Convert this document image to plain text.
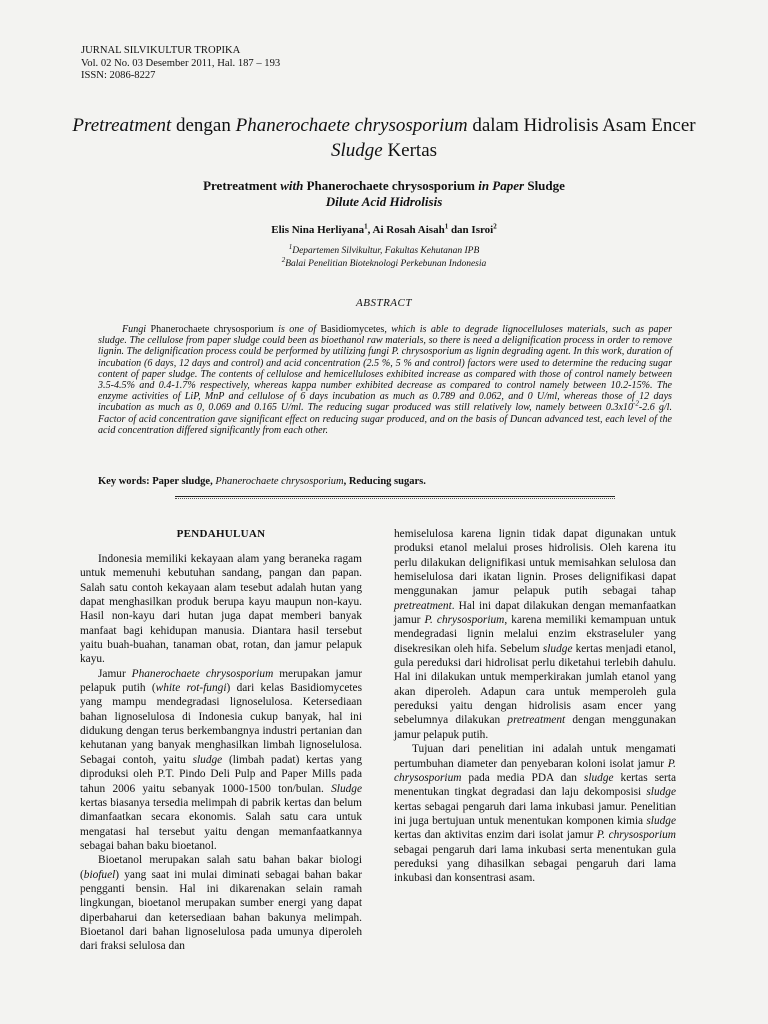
JURNAL SILVIKULTUR TROPIKA
Vol. 02 No. 03 Desember 2011, Hal. 187 – 193
ISSN: 2086-8227
Pretreatment dengan Phanerochaete chrysosporium dalam Hidrolisis Asam Encer Sludge Kertas
Pretreatment with Phanerochaete chrysosporium in Paper Sludge
Dilute Acid Hidrolisis
Elis Nina Herliyana$^1$, Ai Rosah Aisah$^1$ dan Isroi$^2$
$^1$Departemen Silvikultur, Fakultas Kehutanan IPB
$^2$Balai Penelitian Bioteknologi Perkebunan Indonesia
ABSTRACT
Fungi Phanerochaete chrysosporium is one of Basidiomycetes, which is able to degrade lignocelluloses materials, such as paper sludge. The cellulose from paper sludge could been as bioethanol raw materials, so there is need a delignification process in order to remove lignin. The delignification process could be performed by utilizing fungi P. chrysosporium as lignin degrading agent. In this work, duration of incubation (6 days, 12 days and control) and acid concentration (2.5 %, 5 % and control) factors were used to determine the reducing sugar content of paper sludge. The contents of cellulose and hemicelluloses exhibited increase as compared with those of control namely between 3.5-4.5% and 0.4-1.7% respectively, whereas kappa number exhibited decrease as compared to control namely between 10.2-15%. The enzyme activities of LiP, MnP and cellulose of 6 days incubation as much as 0.789 and 0.062, and 0 U/ml, whereas those of 12 days incubation as much as 0, 0.069 and 0.165 U/ml. The reducing sugar produced was still relatively low, namely between $0.3x10^{-2}-2.6$ g/l. Factor of acid concentration gave significant effect on reducing sugar produced, and on the basis of Duncan advanced test, each level of the acid concentration differed significantly from each other.
Key words: Paper sludge, Phanerochaete chrysosporium, Reducing sugars.
PENDAHULUAN

Indonesia memiliki kekayaan alam yang beraneka ragam untuk memenuhi kebutuhan sandang, pangan dan papan. Salah satu contoh kekayaan alam tesebut adalah hutan yang dapat menghasilkan produk berupa kayu maupun non-kayu. Hasil non-kayu dari hutan juga dapat memberi banyak manfaat bagi kehidupan manusia. Diantara hasil tersebut yaitu buah-buahan, tanaman obat, rotan, dan jamur pelapuk kayu.

Jamur Phanerochaete chrysosporium merupakan jamur pelapuk putih (white rot-fungi) dari kelas Basidiomycetes yang mampu mendegradasi lignoselulosa. Ketersediaan bahan lignoselulosa di Indonesia cukup banyak, hal ini didukung dengan terus berkembangnya industri pertanian dan kehutanan yang banyak menghasilkan limbah lignoselulosa. Sebagai contoh, yaitu sludge (limbah padat) kertas yang diproduksi oleh P.T. Pindo Deli Pulp and Paper Mills pada tahun 2006 yaitu sebanyak 1000-1500 ton/bulan. Sludge kertas biasanya tersedia melimpah di pabrik kertas dan belum dimanfaatkan secara ekonomis. Salah satu cara untuk mengatasi hal tersebut yaitu dengan memanfaatkannya sebagai bahan baku bioetanol.

Bioetanol merupakan salah satu bahan bakar biologi (biofuel) yang saat ini mulai diminati sebagai bahan bakar pengganti bensin. Hal ini dikarenakan selain ramah lingkungan, bioetanol merupakan sumber energi yang dapat diperbaharui dan ketersediaan bahan bakunya melimpah. Bioetanol dari bahan lignoselulosa pada umunya diperoleh dari fraksi selulosa dan

hemiselulosa karena lignin tidak dapat digunakan untuk produksi etanol melalui proses hidrolisis. Oleh karena itu perlu dilakukan delignifikasi untuk memisahkan selulosa dan hemiselulosa dari ikatan lignin. Proses delignifikasi dapat menggunakan jamur pelapuk putih sebagai tahap pretreatment. Hal ini dapat dilakukan dengan memanfaatkan jamur P. chrysosporium, karena memiliki kemampuan untuk mendegradasi lignin melalui enzim ekstraseluler yang disekresikan oleh hifa. Sebelum sludge kertas menjadi etanol, gula pereduksi dari hidrolisat perlu diketahui terlebih dahulu. Hal ini dilakukan untuk memperkirakan jumlah etanol yang akan diperoleh. Adapun cara untuk memperoleh gula pereduksi yaitu dengan hidrolisis asam encer yang sebelumnya dilakukan pretreatment dengan menggunakan jamur pelapuk putih.

Tujuan dari penelitian ini adalah untuk mengamati pertumbuhan diameter dan penyebaran koloni isolat jamur P. chrysosporium pada media PDA dan sludge kertas serta menentukan tingkat degradasi dan laju dekomposisi sludge kertas sebagai pengaruh dari lama inkubasi jamur. Penelitian ini juga bertujuan untuk menentukan komponen kimia sludge kertas dan aktivitas enzim dari isolat jamur P. chrysosporium sebagai pengaruh dari lama inkubasi serta menentukan gula pereduksi yang dihasilkan sebagai pengaruh dari lama inkubasi dan konsentrasi asam.
